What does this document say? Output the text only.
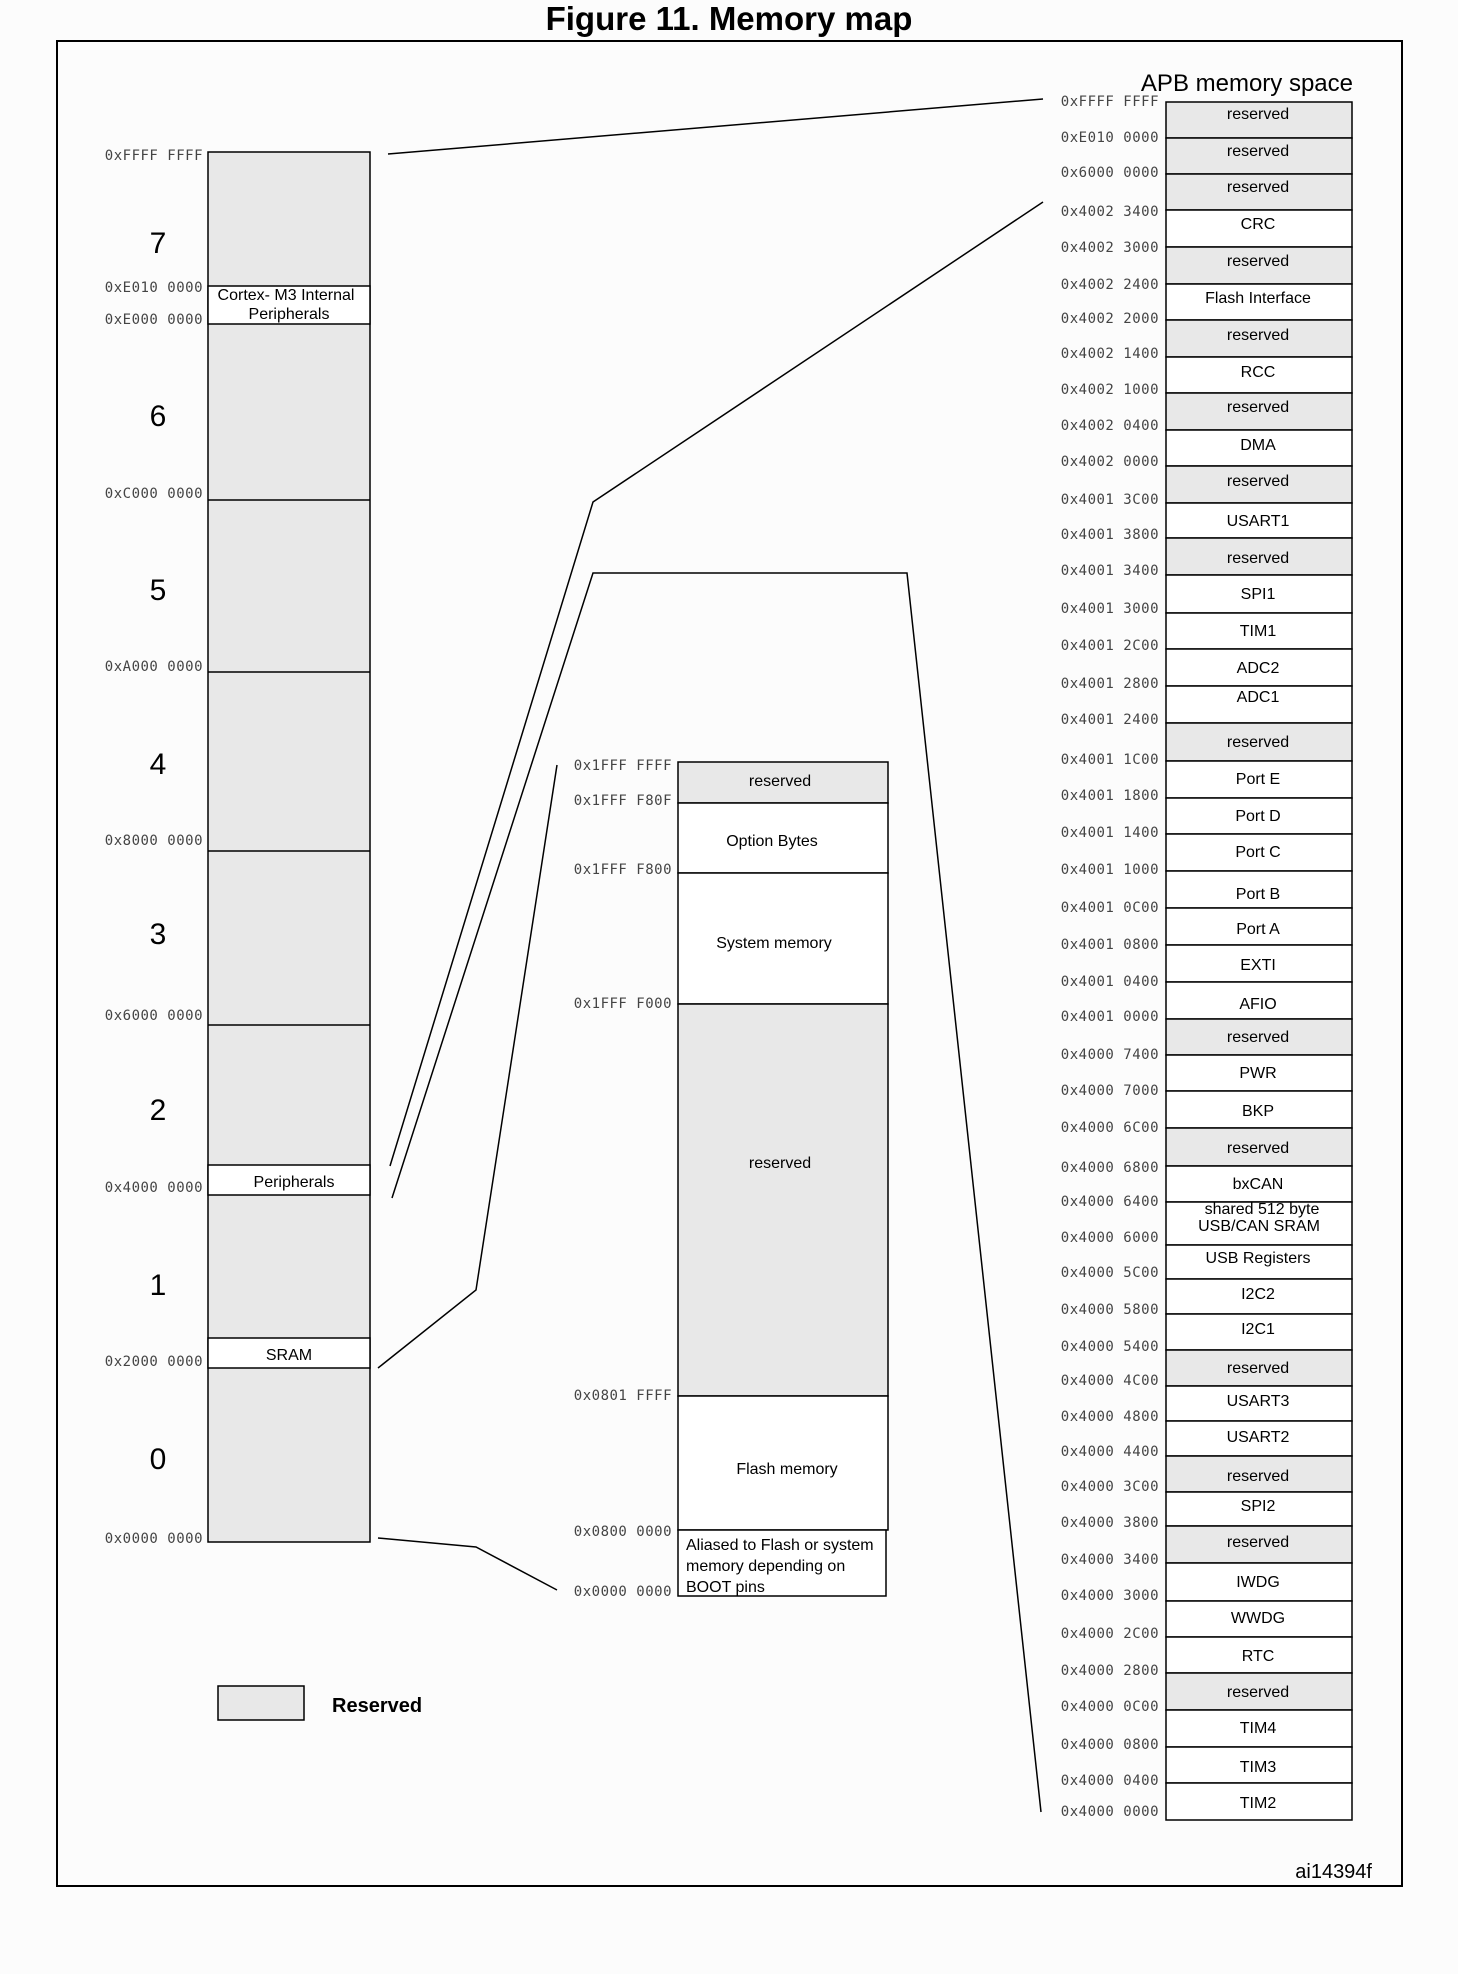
Figure 11. Memory map
Cortex- M3 Internal
Peripherals
Peripherals
SRAM
7
6
5
4
3
2
1
0
0xFFFF FFFF
0xE010 0000
0xE000 0000
0xC000 0000
0xA000 0000
0x8000 0000
0x6000 0000
0x4000 0000
0x2000 0000
0x0000 0000
reserved
Option Bytes
System memory
reserved
Flash memory
0x1FFF FFFF
0x1FFF F80F
0x1FFF F800
0x1FFF F000
0x0801 FFFF
0x0800 0000
0x0000 0000
Aliased to Flash or system
memory depending on
BOOT pins
APB memory space
reserved
reserved
reserved
CRC
reserved
Flash Interface
reserved
RCC
reserved
DMA
reserved
USART1
reserved
SPI1
TIM1
ADC2
ADC1
reserved
Port E
Port D
Port C
Port B
Port A
EXTI
AFIO
reserved
PWR
BKP
reserved
bxCAN
shared 512 byte
USB/CAN SRAM
USB Registers
I2C2
I2C1
reserved
USART3
USART2
reserved
SPI2
reserved
IWDG
WWDG
RTC
reserved
TIM4
TIM3
TIM2
0xFFFF FFFF
0xE010 0000
0x6000 0000
0x4002 3400
0x4002 3000
0x4002 2400
0x4002 2000
0x4002 1400
0x4002 1000
0x4002 0400
0x4002 0000
0x4001 3C00
0x4001 3800
0x4001 3400
0x4001 3000
0x4001 2C00
0x4001 2800
0x4001 2400
0x4001 1C00
0x4001 1800
0x4001 1400
0x4001 1000
0x4001 0C00
0x4001 0800
0x4001 0400
0x4001 0000
0x4000 7400
0x4000 7000
0x4000 6C00
0x4000 6800
0x4000 6400
0x4000 6000
0x4000 5C00
0x4000 5800
0x4000 5400
0x4000 4C00
0x4000 4800
0x4000 4400
0x4000 3C00
0x4000 3800
0x4000 3400
0x4000 3000
0x4000 2C00
0x4000 2800
0x4000 0C00
0x4000 0800
0x4000 0400
0x4000 0000
Reserved
ai14394f
